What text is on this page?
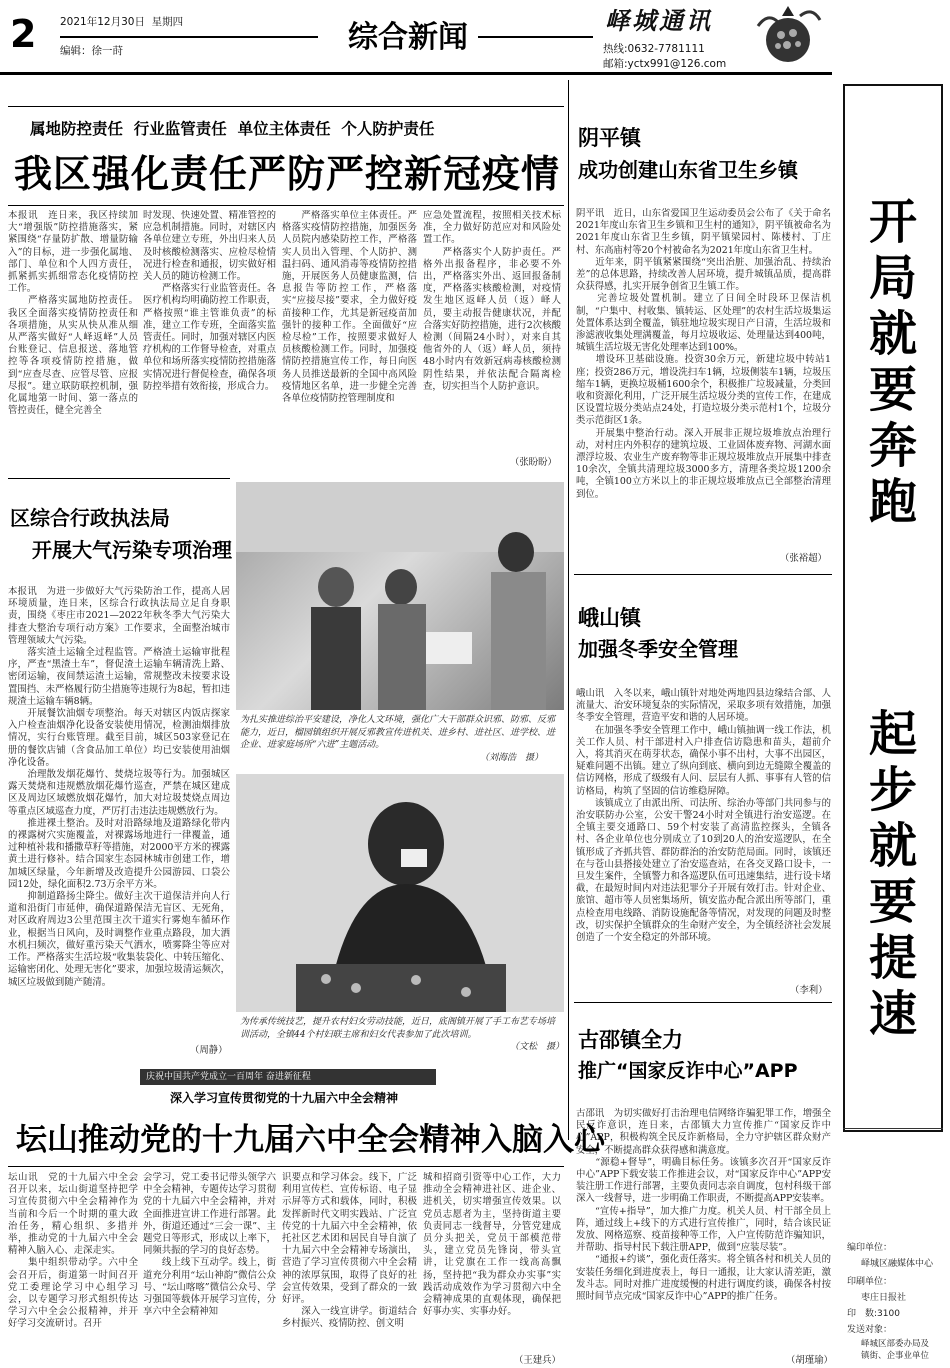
2 2021年12月30日 星期四
编辑：徐一莳	综合新闻	峄城通讯
热线:0632-7781111
邮箱:yctx991@126.com
属地防控责任  行业监管责任  单位主体责任  个人防护责任
我区强化责任严防严控新冠疫情
本报讯　连日来，我区持续加大“增强版”防控措施落实，紧紧围绕“存量防扩散、增量防输入”的目标，进一步强化属地、部门、单位和个人四方责任，抓紧抓实抓细常态化疫情防控工作。
　　严格落实属地防控责任。我区全面落实疫情防控责任和各项措施，从实从快从准从细从严落实做好“人峄返峄”人员台账登记、信息报送、落地管控等各项疫情防控措施，做到“应查尽查、应管尽管、应报尽报”。建立联防联控机制，强化属地第一时间、第一落点的管控责任，健全完善全
时发现、快速处置、精准管控的应急机制措施。同时，对辖区内各单位建立专班，外出归来人员及时核酸检测落实、应检尽检情况进行检查和通报，切实做好相关人员的随访检测工作。
　　严格落实行业监管责任。各医疗机构均明确防控工作职责，严格按照“谁主管谁负责”的标准，建立工作专班，全面落实监管责任。同时，加强对辖区内医疗机构的工作督导检查，对重点单位和场所落实疫情防控措施落实情况进行督促检查，确保各项防控举措有效衔接，形成合力。
　　严格落实单位主体责任。严格落实疫情防控措施，加强医务人员院内感染防控工作，严格落实人员出入管理、个人防护、测温扫码、通风消毒等疫情防控措施，开展医务人员健康监测，信息报告等防控工作，严格落实“应接尽接”要求，全力做好疫苗接种工作，尤其是新冠疫苗加强针的接种工作。全面做好“应检尽检”工作，按照要求做好人员核酸检测工作。同时，加强疫情防控措施宣传工作，每日向医务人员推送最新的全国中高风险疫情地区名单，进一步健全完善各单位疫情防控管理制度和
应急处置流程，按照相关技术标准，全力做好防范应对和风险处置工作。
　　严格落实个人防护责任。严格外出报备程序，非必要不外出，严格落实外出、返回报备制度，严格落实核酸检测，对疫情发生地区返峄人员（返）峄人员，要主动报告健康状况，并配合落实好防控措施，进行2次核酸检测（间隔24小时），对来自其他省外的人（返）峄人员，须持48小时内有效新冠病毒核酸检测阴性结果，并依法配合隔离检查，切实担当个人防护意识。
（张盼盼）
区综合行政执法局
开展大气污染专项治理
本报讯　为进一步做好大气污染防治工作，提高人居环境质量，连日来，区综合行政执法局立足自身职责，围绕《枣庄市2021—2022年秋冬季大气污染大排查大整治专项行动方案》工作要求，全面整治城市管理领域大气污染。
　　落实渣土运输全过程监管。严格渣土运输审批程序，严查“黑渣土车”，督促渣土运输车辆清洗上路、密闭运输，夜间禁运渣土运输，常规整改未按要求设置围挡、未严格履行防尘措施等违规行为8起，暂扣违规渣土运输车辆8辆。
　　开展餐饮油烟专项整治。每天对辖区内饭店探家入户检查油烟净化设备安装使用情况，检测油烟排放情况，实行台账管理。截至目前，城区503家登记在册的餐饮店铺（含食品加工单位）均已安装使用油烟净化设备。
　　治理散发烟花爆竹、焚烧垃圾等行为。加强城区露天焚烧和违规燃放烟花爆竹巡查，严禁在城区建成区及周边区域燃放烟花爆竹，加大对垃圾焚烧点周边等重点区域巡查力度，严厉打击违法违规燃放行为。
　　推进裸土整治。及时对沿路绿地及道路绿化带内的裸露树穴实施覆盖，对裸露场地进行一律覆盖，通过种植补栽和播撒草籽等措施，对2000平方米的裸露黄土进行修补。结合国家生态园林城市创建工作，增加城区绿量，今年新增及改造提升公园游园、口袋公园12处，绿化面积2.73万余平方米。
　　抑制道路扬尘降尘。做好主次干道保洁并向人行道和沿街门市延伸，确保道路保洁无盲区、无死角，对区政府周边3公里范围主次干道实行雾炮车循环作业，根据当日风向，及时调整作业重点路段，加大洒水机扫频次，做好重污染天气洒水，喷雾降尘等应对工作。严格落实生活垃圾“收集装袋化、中转压缩化、运输密闭化、处理无害化”要求，加强垃圾清运频次，城区垃圾做到随产随清。
（周静）
为扎实推进综治平安建设，净化人文环境，强化广大干部群众识邪、防邪、反邪能力，近日，榴园镇组织开展反邪教宣传进机关、进乡村、进社区、进学校、进企业、进家庭场所“六进”主题活动。
（刘海浩　摄）
为传承传统技艺，提升农村妇女劳动技能，近日，底阁镇开展了手工布艺专场培训活动，全镇44个村妇联主席和妇女代表参加了此次培训。
（文松　摄）
阴平镇
成功创建山东省卫生乡镇
阴平讯　近日，山东省爱国卫生运动委员会公布了《关于命名2021年度山东省卫生乡镇和卫生村的通知》，阴平镇被命名为2021年度山东省卫生乡镇，阴平镇梁园村、陈楼村、丁庄村、东高庙村等20个村被命名为2021年度山东省卫生村。
　　近年来，阴平镇紧紧围绕“突出治脏、加强治乱、持续治差”的总体思路，持续改善人居环境，提升城镇品质，提高群众获得感，扎实开展争创省卫生镇工作。
　　完善垃圾处置机制。建立了日间全时段环卫保洁机制，“户集中、村收集、镇转运、区处理”的农村生活垃圾集运处置体系达到全覆盖，镇驻地垃圾实现日产日清，生活垃圾和渗滤液收集处理满覆盖，每月垃圾收运、处理量达到400吨，城镇生活垃圾无害化处理率达到100%。
　　增设环卫基础设施。投资30余万元，新建垃圾中转站1座；投资286万元，增设洗扫车1辆，垃圾侧装车1辆，垃圾压缩车1辆，更换垃圾桶1600余个，积极推广垃圾减量，分类回收和资源化利用，广泛开展生活垃圾分类的宣传工作，在建成区设置垃圾分类站点24处，打造垃圾分类示范村1个，垃圾分类示范街区1条。
　　开展集中整治行动。深入开展非正规垃圾堆放点治理行动，对村庄内外积存的建筑垃圾、工业固体废弃物、河湖水面漂浮垃圾、农业生产废弃物等非正规垃圾堆放点开展集中排查10余次，全镇共清理垃圾3000多方，清理各类垃圾1200余吨，全镇100立方米以上的非正规垃圾堆放点已全部整治清理到位。
（张裕超）
峨山镇
加强冬季安全管理
峨山讯　入冬以来，峨山镇针对地处两地四县边缘结合部、人流量大、治安环境复杂的实际情况，采取多项有效措施，加强冬季安全管理，营造平安和谐的人居环境。
　　在加强冬季安全管理工作中，峨山镇抽调一线工作法，机关工作人员、村干部进村入户排查信访隐患和苗头，超前介入，将其消灭在萌芽状态，确保小事不出村，大事不出园区，疑难问题不出镇。建立了纵向到底、横向到边无缝隙全覆盖的信访网格，形成了级级有人问、层层有人抓、事事有人管的信访格局，构筑了坚固的信访维稳屏障。
　　该镇成立了由派出所、司法所、综治办等部门共同参与的治安联防办公室，公安干警24小时对全镇进行治安巡逻。在全镇主要交通路口、59个村安装了高清监控探头，全镇各村、各企业单位也分别成立了10到20人的治安巡逻队，在全镇形成了齐抓共管、群防群治的治安防范局面。同时，该镇还在与苍山县搭接处建立了治安巡查站，在各交叉路口设卡，一旦发生案件，全镇警力和各巡逻队伍可迅速集结，进行设卡堵截，在最短时间内对违法犯罪分子开展有效打击。针对企业、旅馆、超市等人员密集场所，镇安监办配合派出所等部门，重点检查用电线路、消防设施配备等情况，对发现的问题及时整改，切实保护全镇群众的生命财产安全，为全镇经济社会发展创造了一个安全稳定的外部环境。
（李利）
古邵镇全力
推广“国家反诈中心”APP
古邵讯　为切实做好打击治理电信网络诈骗犯罪工作，增强全民反诈意识，连日来，古邵镇大力宣传推广“国家反诈中心”APP，积极构筑全民反诈新格局，全力守护辖区群众财产安全，不断提高群众获得感和满意度。
　　“源稳+督导”，明确目标任务。该镇多次召开“国家反诈中心”APP下载安装工作推进会议，对“国家反诈中心”APP安装注册工作进行部署，主要负责同志亲自调度，包村科级干部深入一线督导，进一步明确工作职责，不断提高APP安装率。
　　“宣传+指导”，加大推广力度。机关人员、村干部全员上阵，通过线上+线下的方式进行宣传推广，同时，结合该民证发放、网格巡察、疫苗接种等工作，入户宣传防范诈骗知识，并帮助、指导村民下载注册APP，做到“应装尽装”。
　　“通报+约谈”，强化责任落实。将全镇各村和机关人员的安装任务细化到进度表上，每日一通报，让大家认清差距，激发斗志。同时对推广进度缓慢的村进行调度约谈，确保各村按照时间节点完成“国家反诈中心”APP的推广任务。
（胡瑾瑜）
庆祝中国共产党成立一百周年 奋进新征程
深入学习宣传贯彻党的十九届六中全会精神
坛山推动党的十九届六中全会精神入脑入心
坛山讯　党的十九届六中全会召开以来，坛山街道坚持把学习宣传贯彻六中全会精神作为当前和今后一个时期的重大政治任务，精心组织、多措并举，推动党的十九届六中全会精神入脑入心、走深走实。
　　集中组织带动学。六中全会召开后，街道第一时间召开党工委理论学习中心组学习会，以专题学习形式组织传达学习六中全会公报精神，并开好学习交流研讨。召开
会学习，党工委书记带头领学六中全会精神，专题传达学习贯彻党的十九届六中全会精神，并对全面推进宣讲工作进行部署。此外，街道还通过“三会一课”、主题党日等形式，形成以上率下，同频共振的学习的良好态势。
　　线上线下互动学。线上，街道充分利用“坛山神韵”微信公众号、“坛山喀喀”微信公众号、学习强国等载体开展学习宣传，分享六中全会精神知
识要点和学习体会。线下，广泛利用宣传栏、宣传标语、电子显示屏等方式和载体，同时，积极发挥新时代文明实践站、广泛宣传党的十九届六中全会精神，依托社区艺术团和居民自导自演了十九届六中全会精神专场演出，营造了学习宣传贯彻六中全会精神的浓厚氛围，取得了良好的社会宣传效果，受到了群众的一致好评。
　　深入一线宣讲学。街道结合乡村振兴、疫情防控、创文明
城和招商引资等中心工作，大力推动全会精神进社区、进企业、进机关，切实增强宣传效果。以党员志愿者为主，坚持街道主要负责同志一线督导，分管党建成员分头把关，党员干部模范带头，建立党员先锋岗，带头宣讲，让党旗在工作一线高高飘扬，坚持把“我为群众办实事”实践活动成效作为学习贯彻六中全会精神成果的直观体现，确保把好事办实、实事办好。
（王建兵）
开
局
就
要
奔
跑
起
步
就
要
提
速
编印单位：
峄城区融媒体中心
印刷单位：
枣庄日报社
印　数:3100
发送对象：
峄城区部委办局及
镇街、企事业单位
